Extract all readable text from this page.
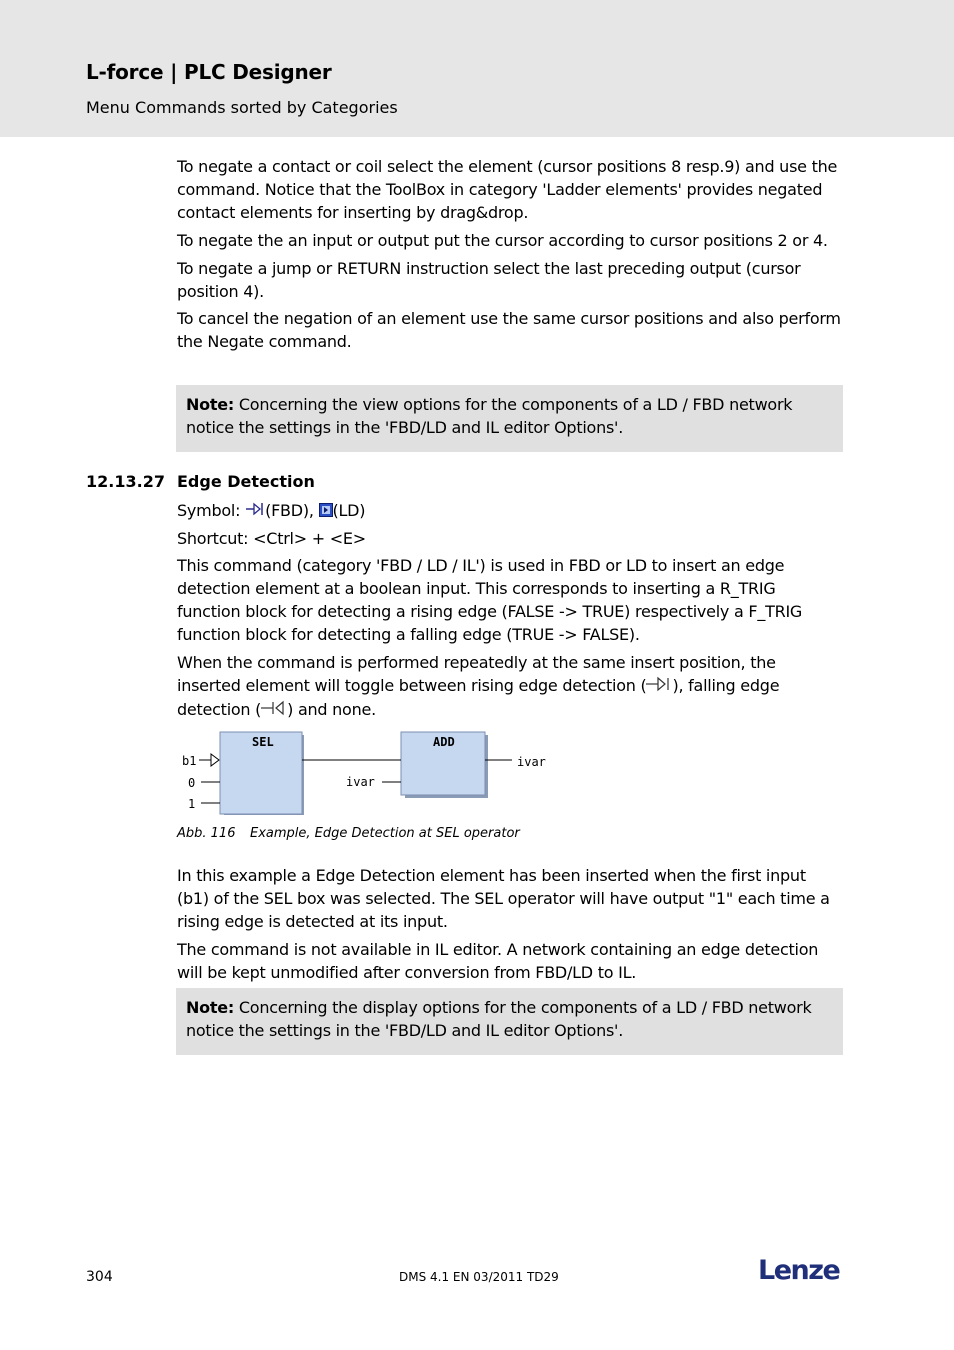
L-force | PLC Designer
Menu Commands sorted by Categories

To negate a contact or coil select the element (cursor positions 8 resp.9) and use the command. Notice that the ToolBox in category 'Ladder elements' provides negated contact elements for inserting by drag&drop.

To negate the an input or output put the cursor according to cursor positions 2 or 4.

To negate a jump or RETURN instruction select the last preceding output (cursor position 4).

To cancel the negation of an element use the same cursor positions and also perform the Negate command.

Note: Concerning the view options for the components of a LD / FBD network notice the settings in the 'FBD/LD and IL editor Options'.
12.13.27 Edge Detection
Symbol: (FBD), (LD)

Shortcut: <Ctrl> + <E>

This command (category 'FBD / LD / IL') is used in FBD or LD to insert an edge detection element at a boolean input. This corresponds to inserting a R_TRIG function block for detecting a rising edge (FALSE -> TRUE) respectively a F_TRIG function block for detecting a falling edge (TRUE -> FALSE).

When the command is performed repeatedly at the same insert position, the inserted element will toggle between rising edge detection ( ), falling edge detection ( ) and none.

SEL	ADD
b1
0
1
ivar
ivar
Abb. 116 Example, Edge Detection at SEL operator

In this example a Edge Detection element has been inserted when the first input (b1) of the SEL box was selected. The SEL operator will have output "1" each time a rising edge is detected at its input.

The command is not available in IL editor. A network containing an edge detection will be kept unmodified after conversion from FBD/LD to IL.

Note: Concerning the display options for the components of a LD / FBD network notice the settings in the 'FBD/LD and IL editor Options'.
304	DMS 4.1 EN 03/2011 TD29	Lenze
